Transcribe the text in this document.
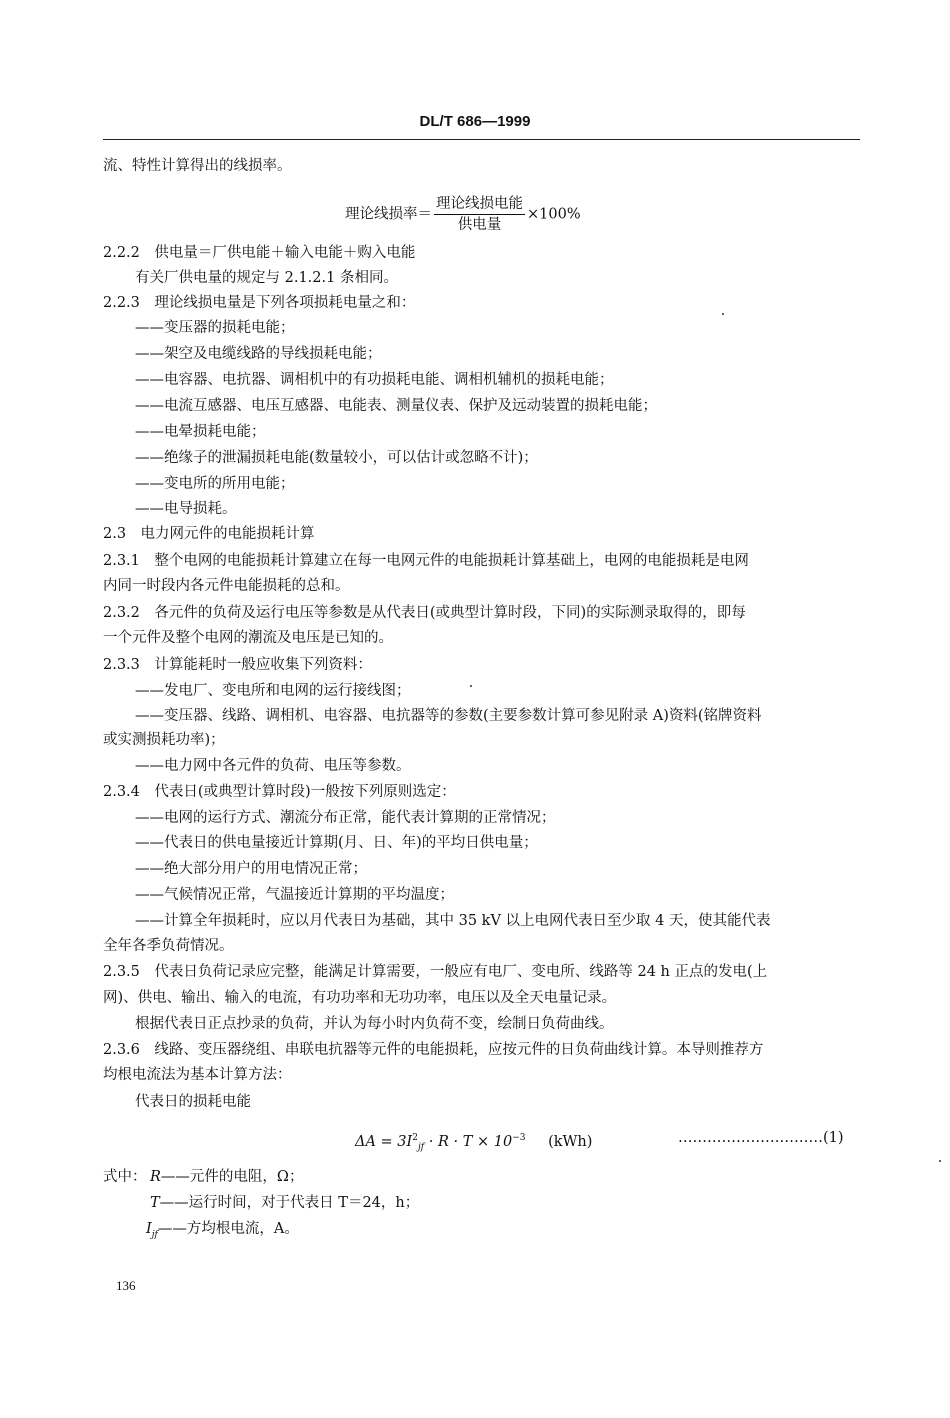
DL/T 686—1999
流、特性计算得出的线损率。
理论线损率＝ $\frac{\text{理论线损电能}}{\text{供电量}} \times 100\%$
2.2.2　供电量＝厂供电能＋输入电能＋购入电能
有关厂供电量的规定与 2.1.2.1 条相同。
2.2.3　理论线损电量是下列各项损耗电量之和：
——变压器的损耗电能；
——架空及电缆线路的导线损耗电能；
——电容器、电抗器、调相机中的有功损耗电能、调相机辅机的损耗电能；
——电流互感器、电压互感器、电能表、测量仪表、保护及远动装置的损耗电能；
——电晕损耗电能；
——绝缘子的泄漏损耗电能(数量较小，可以估计或忽略不计)；
——变电所的所用电能；
——电导损耗。
2.3　电力网元件的电能损耗计算
2.3.1　整个电网的电能损耗计算建立在每一电网元件的电能损耗计算基础上，电网的电能损耗是电网
内同一时段内各元件电能损耗的总和。
2.3.2　各元件的负荷及运行电压等参数是从代表日(或典型计算时段，下同)的实际测录取得的，即每
一个元件及整个电网的潮流及电压是已知的。
2.3.3　计算能耗时一般应收集下列资料：
——发电厂、变电所和电网的运行接线图；
——变压器、线路、调相机、电容器、电抗器等的参数(主要参数计算可参见附录 A)资料(铭牌资料
或实测损耗功率)；
——电力网中各元件的负荷、电压等参数。
2.3.4　代表日(或典型计算时段)一般按下列原则选定：
——电网的运行方式、潮流分布正常，能代表计算期的正常情况；
——代表日的供电量接近计算期(月、日、年)的平均日供电量；
——绝大部分用户的用电情况正常；
——气候情况正常，气温接近计算期的平均温度；
——计算全年损耗时，应以月代表日为基础，其中 35 kV 以上电网代表日至少取 4 天，使其能代表
全年各季负荷情况。
2.3.5　代表日负荷记录应完整，能满足计算需要，一般应有电厂、变电所、线路等 24 h 正点的发电(上
网)、供电、输出、输入的电流，有功功率和无功功率，电压以及全天电量记录。
根据代表日正点抄录的负荷，并认为每小时内负荷不变，绘制日负荷曲线。
2.3.6　线路、变压器绕组、串联电抗器等元件的电能损耗，应按元件的日负荷曲线计算。本导则推荐方
均根电流法为基本计算方法：
代表日的损耗电能
$\Delta A = 3I^2_{jf} \cdot R \cdot T \times 10^{-3}$ (kWh)	…………………………(1)
式中： R——元件的电阻，Ω；
T——运行时间，对于代表日 T＝24，h；
$I_{jf}——$方均根电流，A。
136
